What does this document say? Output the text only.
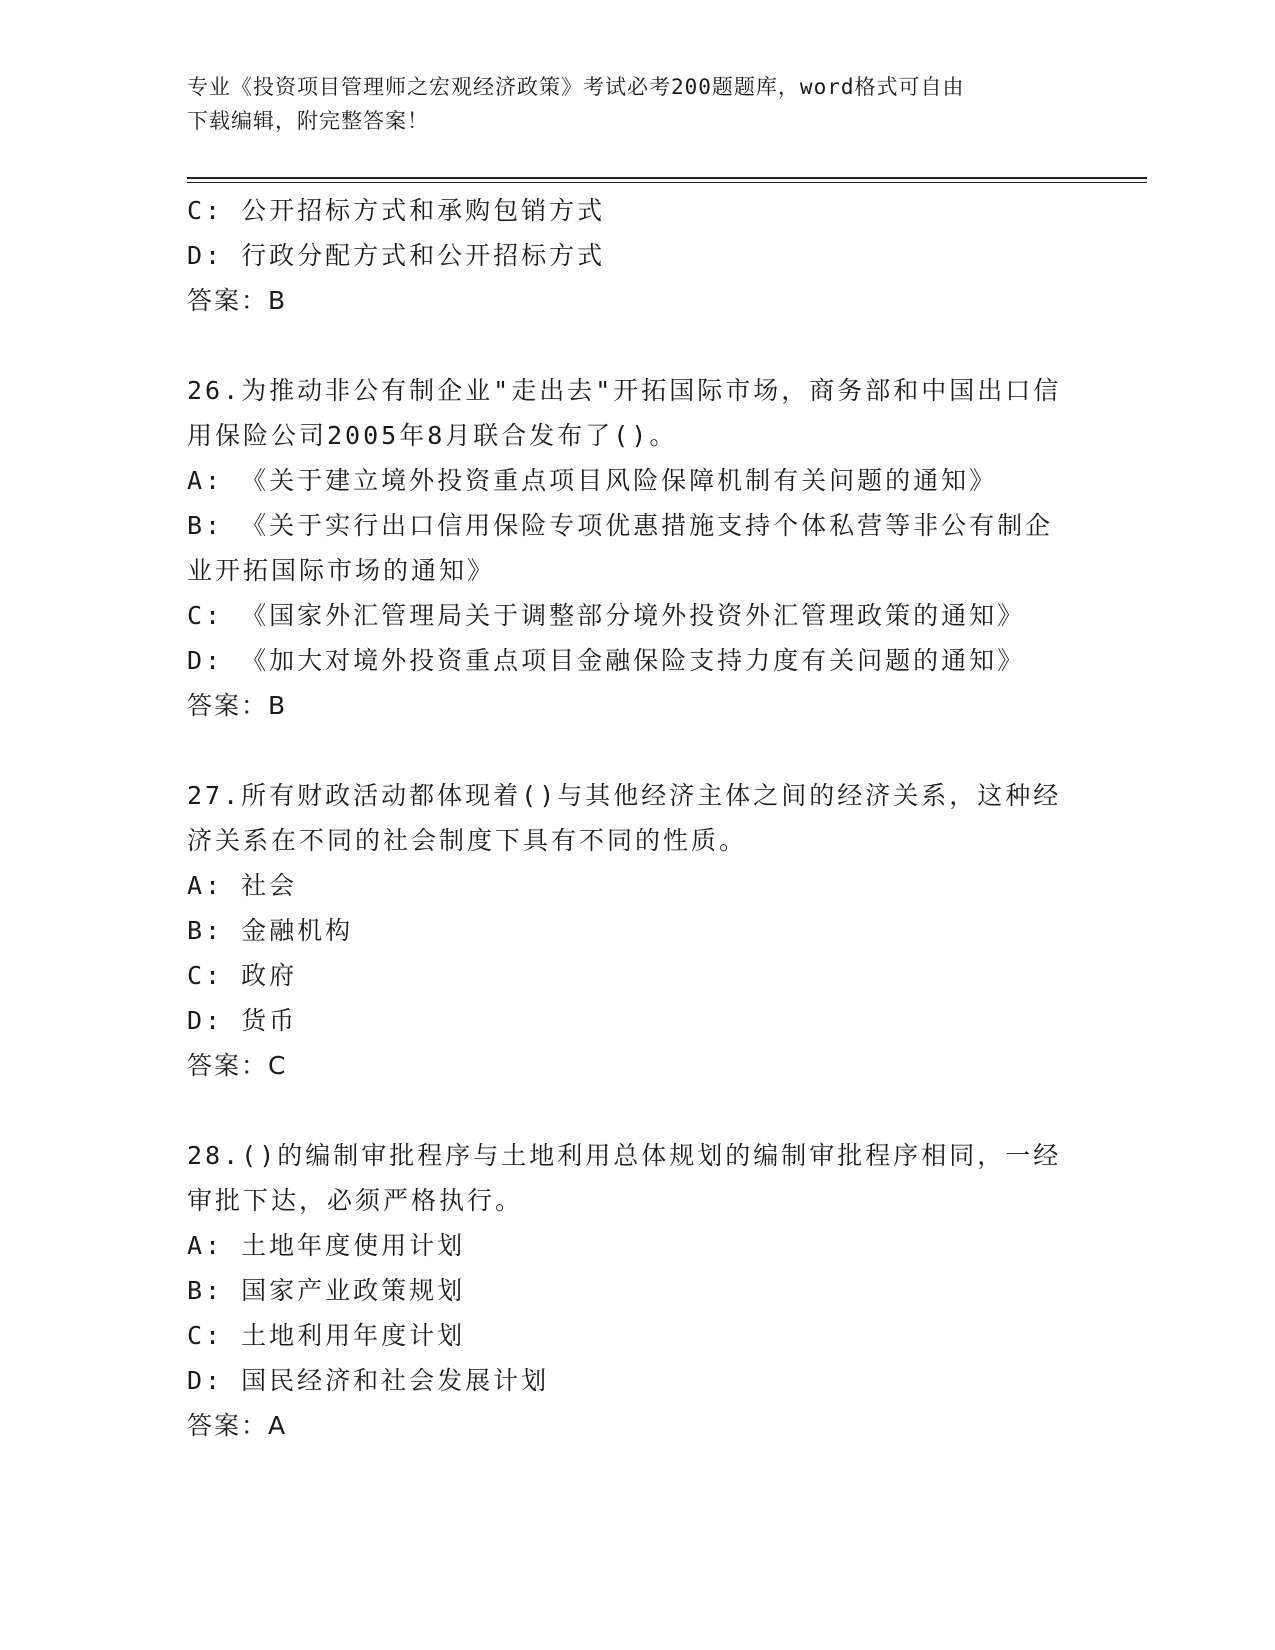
专业《投资项目管理师之宏观经济政策》考试必考200题题库，word格式可自由
下载编辑，附完整答案！
C: 公开招标方式和承购包销方式
D: 行政分配方式和公开招标方式
答案：B
26.为推动非公有制企业"走出去"开拓国际市场，商务部和中国出口信用保险公司2005年8月联合发布了()。
A: 《关于建立境外投资重点项目风险保障机制有关问题的通知》
B: 《关于实行出口信用保险专项优惠措施支持个体私营等非公有制企业开拓国际市场的通知》
C: 《国家外汇管理局关于调整部分境外投资外汇管理政策的通知》
D: 《加大对境外投资重点项目金融保险支持力度有关问题的通知》
答案：B
27.所有财政活动都体现着()与其他经济主体之间的经济关系，这种经济关系在不同的社会制度下具有不同的性质。
A: 社会
B: 金融机构
C: 政府
D: 货币
答案：C
28.()的编制审批程序与土地利用总体规划的编制审批程序相同，一经审批下达，必须严格执行。
A: 土地年度使用计划
B: 国家产业政策规划
C: 土地利用年度计划
D: 国民经济和社会发展计划
答案：A
